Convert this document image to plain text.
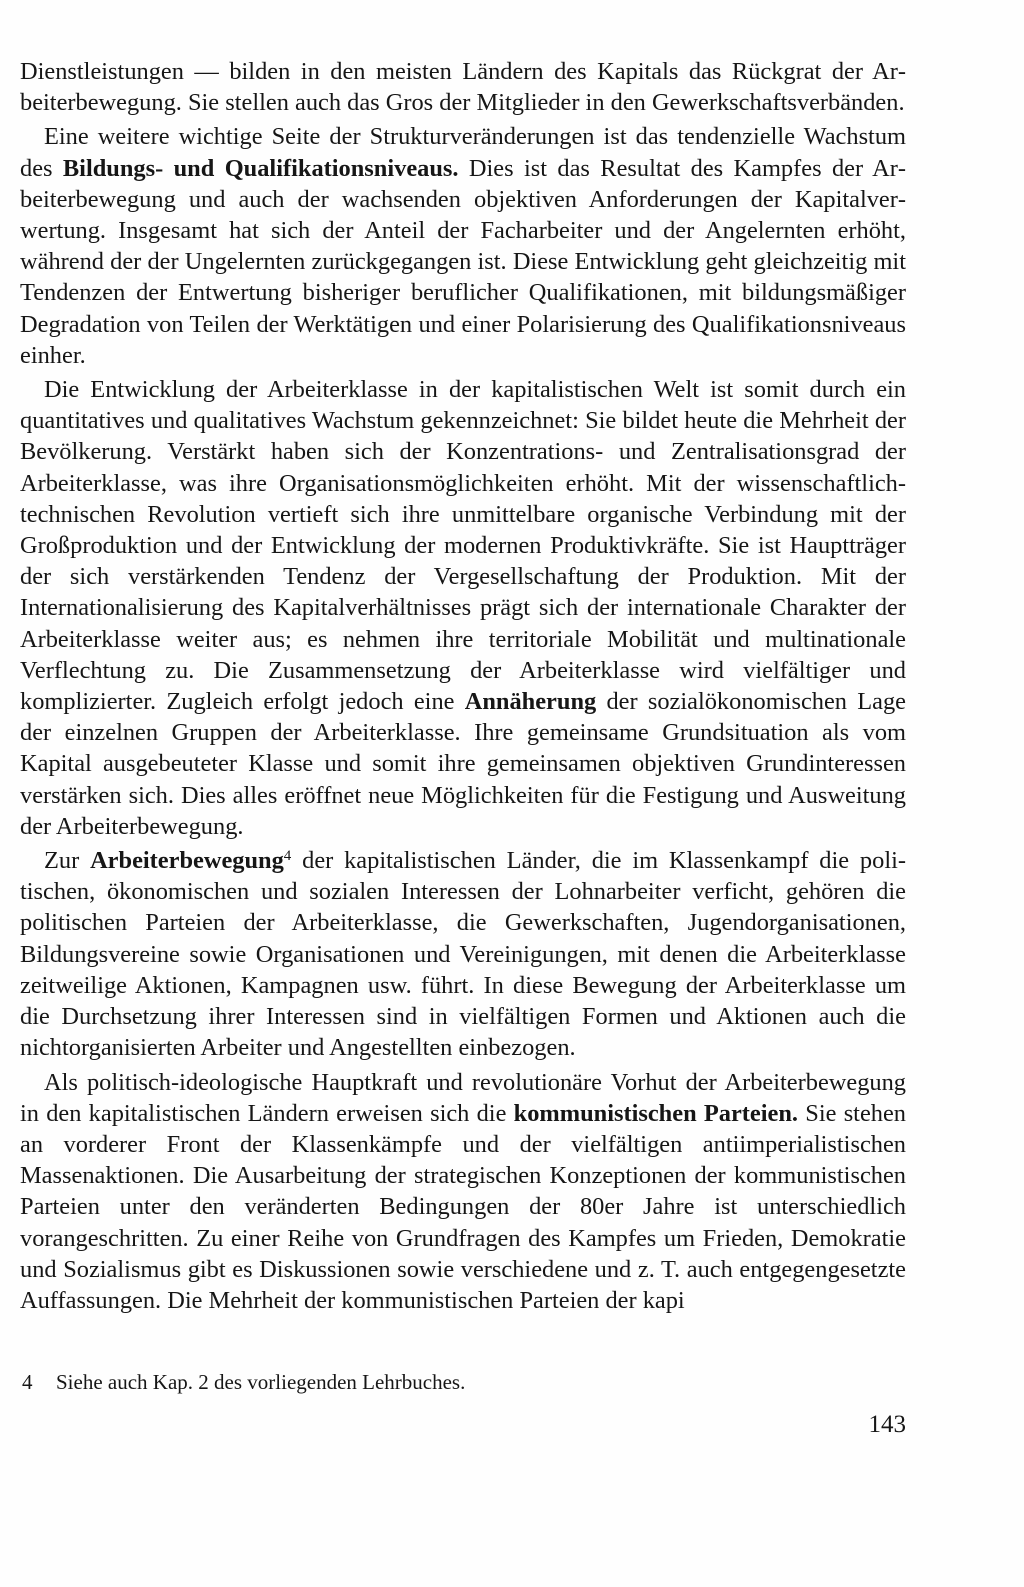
Dienstleistungen — bilden in den meisten Ländern des Kapitals das Rückgrat der Arbeiterbewegung. Sie stellen auch das Gros der Mitglieder in den Gewerkschaftsverbänden.

Eine weitere wichtige Seite der Strukturveränderungen ist das tendenzielle Wachstum des Bildungs- und Qualifikationsniveaus. Dies ist das Resultat des Kampfes der Arbeiterbewegung und auch der wachsenden objektiven Anforderungen der Kapitalverwertung. Insgesamt hat sich der Anteil der Facharbeiter und der Angelernten erhöht, während der der Ungelernten zurückgegangen ist. Diese Entwicklung geht gleichzeitig mit Tendenzen der Entwertung bisheriger beruflicher Qualifikationen, mit bildungsmäßiger Degradation von Teilen der Werktätigen und einer Polarisierung des Qualifikationsniveaus einher.

Die Entwicklung der Arbeiterklasse in der kapitalistischen Welt ist somit durch ein quantitatives und qualitatives Wachstum gekennzeichnet: Sie bildet heute die Mehrheit der Bevölkerung. Verstärkt haben sich der Konzentrations- und Zentralisationsgrad der Arbeiterklasse, was ihre Organisationsmöglichkeiten erhöht. Mit der wissenschaftlich-technischen Revolution vertieft sich ihre unmittelbare organische Verbindung mit der Großproduktion und der Entwicklung der modernen Produktivkräfte. Sie ist Hauptträger der sich verstärkenden Tendenz der Vergesellschaftung der Produktion. Mit der Internationalisierung des Kapitalverhältnisses prägt sich der internationale Charakter der Arbeiterklasse weiter aus; es nehmen ihre territoriale Mobilität und multinationale Verflechtung zu. Die Zusammensetzung der Arbeiterklasse wird vielfältiger und komplizierter. Zugleich erfolgt jedoch eine Annäherung der sozialökonomischen Lage der einzelnen Gruppen der Arbeiterklasse. Ihre gemeinsame Grundsituation als vom Kapital ausgebeuteter Klasse und somit ihre gemeinsamen objektiven Grundinteressen verstärken sich. Dies alles eröffnet neue Möglichkeiten für die Festigung und Ausweitung der Arbeiterbewegung.

Zur Arbeiterbewegung$^4$ der kapitalistischen Länder, die im Klassenkampf die politischen, ökonomischen und sozialen Interessen der Lohnarbeiter verficht, gehören die politischen Parteien der Arbeiterklasse, die Gewerkschaften, Jugendorganisationen, Bildungsvereine sowie Organisationen und Vereinigungen, mit denen die Arbeiterklasse zeitweilige Aktionen, Kampagnen usw. führt. In diese Bewegung der Arbeiterklasse um die Durchsetzung ihrer Interessen sind in vielfältigen Formen und Aktionen auch die nichtorganisierten Arbeiter und Angestellten einbezogen.

Als politisch-ideologische Hauptkraft und revolutionäre Vorhut der Arbeiterbewegung in den kapitalistischen Ländern erweisen sich die kommunistischen Parteien. Sie stehen an vorderer Front der Klassenkämpfe und der vielfältigen antiimperialistischen Massenaktionen. Die Ausarbeitung der strategischen Konzeptionen der kommunistischen Parteien unter den veränderten Bedingungen der 80er Jahre ist unterschiedlich vorangeschritten. Zu einer Reihe von Grundfragen des Kampfes um Frieden, Demokratie und Sozialismus gibt es Diskussionen sowie verschiedene und z. T. auch entgegengesetzte Auffassungen. Die Mehrheit der kommunistischen Parteien der kapi

4 Siehe auch Kap. 2 des vorliegenden Lehrbuches.
143
